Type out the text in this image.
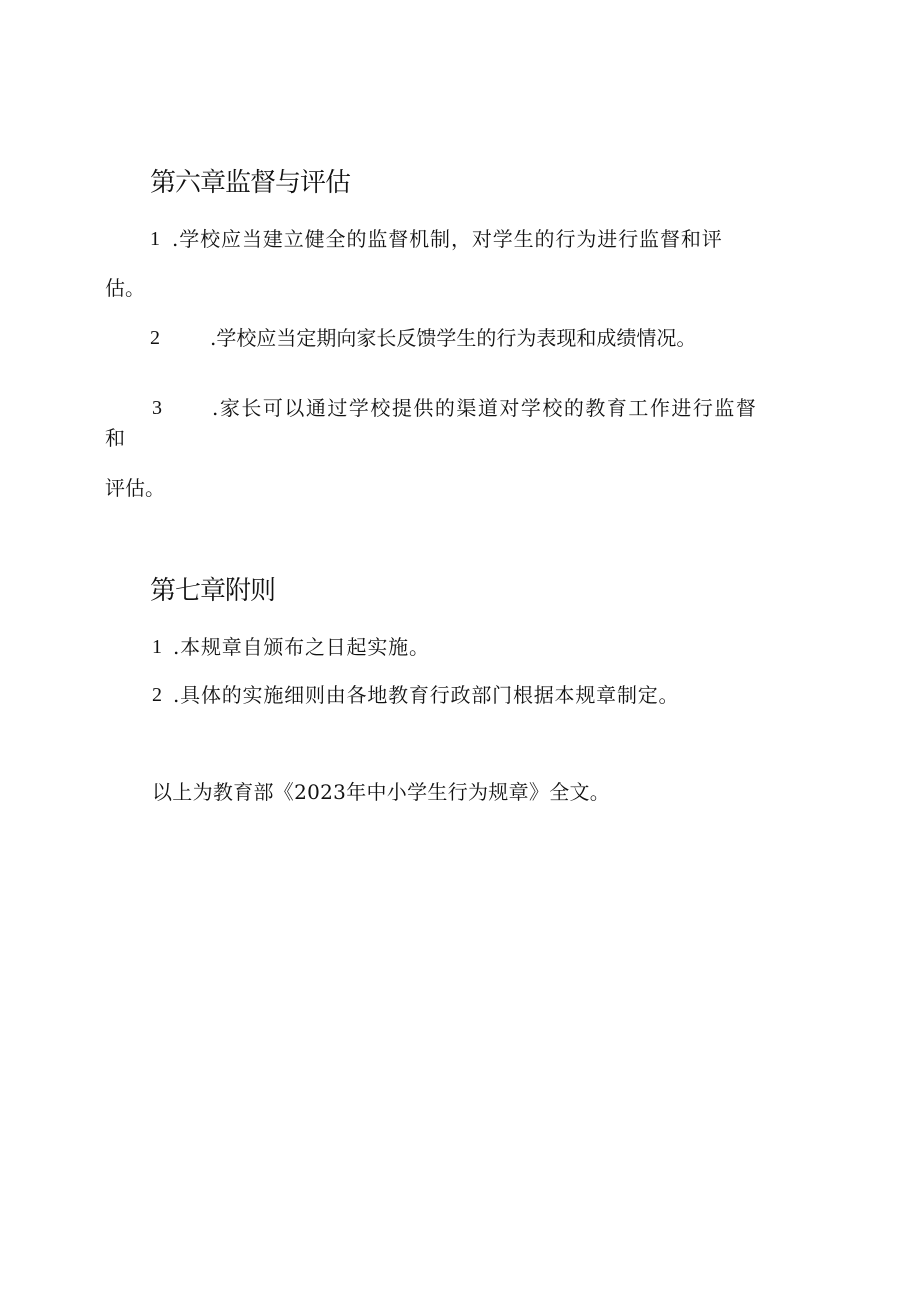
第六章监督与评估
1 .学校应当建立健全的监督机制，对学生的行为进行监督和评
估。
2	.学校应当定期向家长反馈学生的行为表现和成绩情况。
3	.家长可以通过学校提供的渠道对学校的教育工作进行监督
和
评估。
第七章附则
1 .本规章自颁布之日起实施。
2 .具体的实施细则由各地教育行政部门根据本规章制定。

以上为教育部《2023年中小学生行为规章》全文。
